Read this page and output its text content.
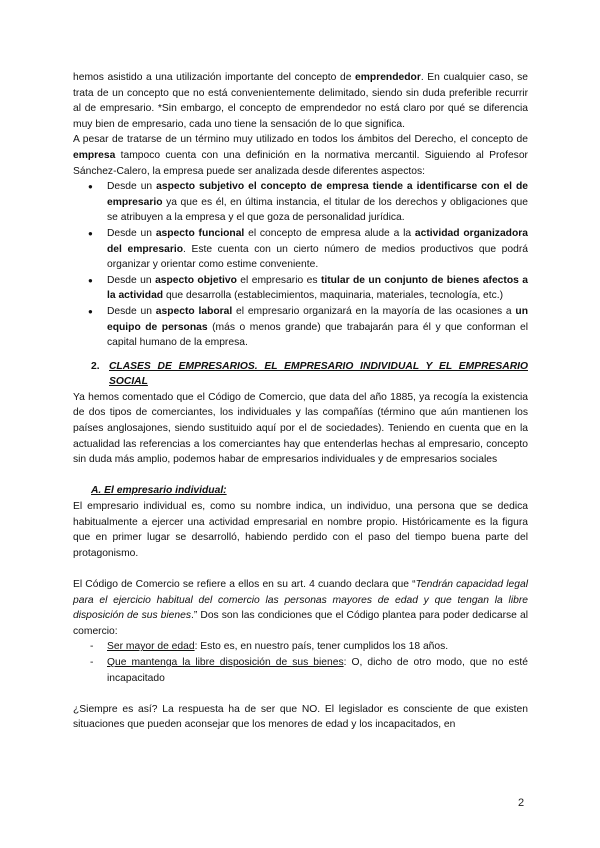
hemos asistido a una utilización importante del concepto de emprendedor. En cualquier caso, se trata de un concepto que no está convenientemente delimitado, siendo sin duda preferible recurrir al de empresario. *Sin embargo, el concepto de emprendedor no está claro por qué se diferencia muy bien de empresario, cada uno tiene la sensación de lo que significa.

A pesar de tratarse de un término muy utilizado en todos los ámbitos del Derecho, el concepto de empresa tampoco cuenta con una definición en la normativa mercantil. Siguiendo al Profesor Sánchez-Calero, la empresa puede ser analizada desde diferentes aspectos:

● Desde un aspecto subjetivo el concepto de empresa tiende a identificarse con el de empresario ya que es él, en última instancia, el titular de los derechos y obligaciones que se atribuyen a la empresa y el que goza de personalidad jurídica.
● Desde un aspecto funcional el concepto de empresa alude a la actividad organizadora del empresario. Este cuenta con un cierto número de medios productivos que podrá organizar y orientar como estime conveniente.
● Desde un aspecto objetivo el empresario es titular de un conjunto de bienes afectos a la actividad que desarrolla (establecimientos, maquinaria, materiales, tecnología, etc.)
● Desde un aspecto laboral el empresario organizará en la mayoría de las ocasiones a un equipo de personas (más o menos grande) que trabajarán para él y que conforman el capital humano de la empresa.

2. CLASES DE EMPRESARIOS. EL EMPRESARIO INDIVIDUAL Y EL EMPRESARIO SOCIAL

Ya hemos comentado que el Código de Comercio, que data del año 1885, ya recogía la existencia de dos tipos de comerciantes, los individuales y las compañías (término que aún mantienen los países anglosajones, siendo sustituido aquí por el de sociedades). Teniendo en cuenta que en la actualidad las referencias a los comerciantes hay que entenderlas hechas al empresario, concepto sin duda más amplio, podemos habar de empresarios individuales y de empresarios sociales

A. El empresario individual:

El empresario individual es, como su nombre indica, un individuo, una persona que se dedica habitualmente a ejercer una actividad empresarial en nombre propio. Históricamente es la figura que en primer lugar se desarrolló, habiendo perdido con el paso del tiempo buena parte del protagonismo.

El Código de Comercio se refiere a ellos en su art. 4 cuando declara que “Tendrán capacidad legal para el ejercicio habitual del comercio las personas mayores de edad y que tengan la libre disposición de sus bienes.” Dos son las condiciones que el Código plantea para poder dedicarse al comercio:

- Ser mayor de edad: Esto es, en nuestro país, tener cumplidos los 18 años.
- Que mantenga la libre disposición de sus bienes: O, dicho de otro modo, que no esté incapacitado

¿Siempre es así? La respuesta ha de ser que NO. El legislador es consciente de que existen situaciones que pueden aconsejar que los menores de edad y los incapacitados, en

2
